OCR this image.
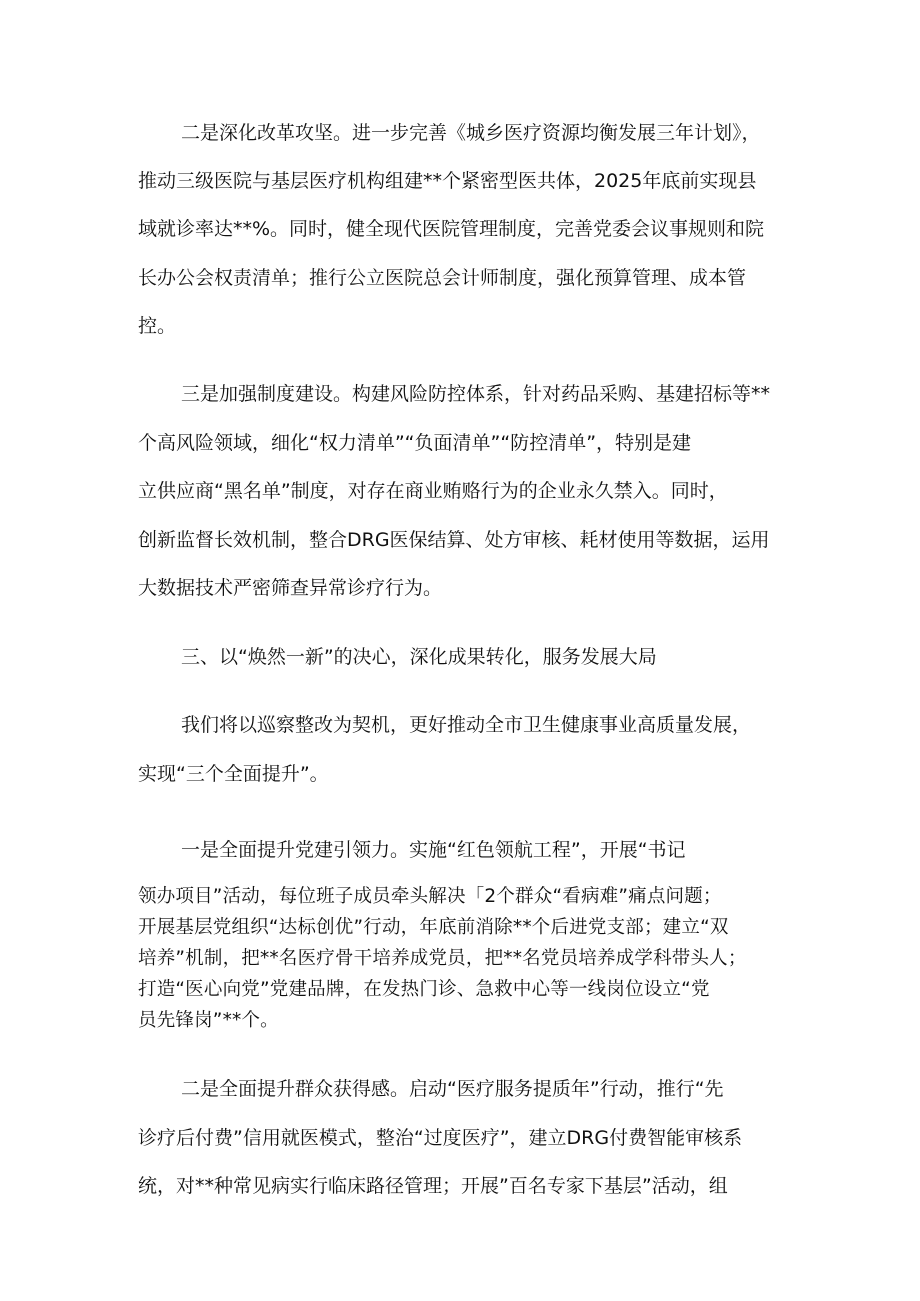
二是深化改革攻坚。进一步完善《城乡医疗资源均衡发展三年计划》，
推动三级医院与基层医疗机构组建**个紧密型医共体，2025年底前实现县
域就诊率达**%。同时，健全现代医院管理制度，完善党委会议事规则和院
长办公会权责清单；推行公立医院总会计师制度，强化预算管理、成本管
控。
三是加强制度建设。构建风险防控体系，针对药品采购、基建招标等**
个高风险领域，细化“权力清单”“负面清单”“防控清单”，特别是建
立供应商“黑名单”制度，对存在商业贿赂行为的企业永久禁入。同时，
创新监督长效机制，整合DRG医保结算、处方审核、耗材使用等数据，运用
大数据技术严密筛查异常诊疗行为。
三、以“焕然一新”的决心，深化成果转化，服务发展大局
我们将以巡察整改为契机，更好推动全市卫生健康事业高质量发展，
实现“三个全面提升”。
一是全面提升党建引领力。实施“红色领航工程”，开展“书记
领办项目”活动，每位班子成员牵头解决「2个群众“看病难”痛点问题；
开展基层党组织“达标创优”行动，年底前消除**个后进党支部；建立“双
培养”机制，把**名医疗骨干培养成党员，把**名党员培养成学科带头人；
打造“医心向党”党建品牌，在发热门诊、急救中心等一线岗位设立“党
员先锋岗”**个。
二是全面提升群众获得感。启动“医疗服务提质年”行动，推行“先
诊疗后付费”信用就医模式，整治“过度医疗”，建立DRG付费智能审核系
统，对**种常见病实行临床路径管理；开展”百名专家下基层”活动，组
